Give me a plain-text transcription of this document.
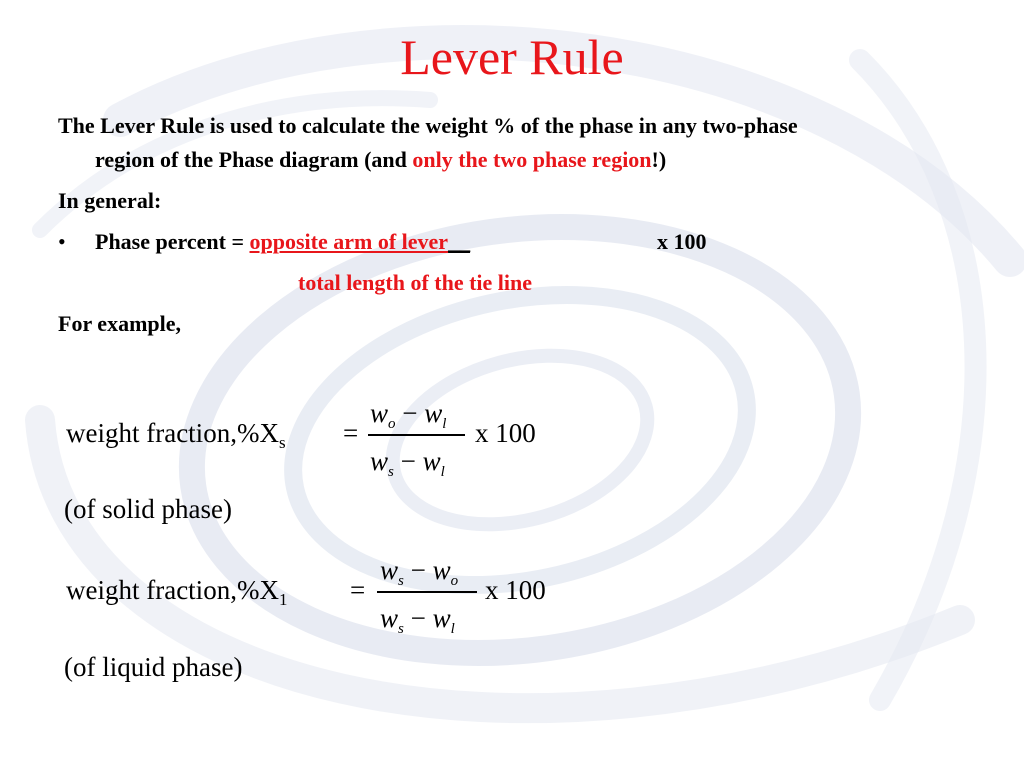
Lever Rule
The Lever Rule is used to calculate the weight % of the phase in any two-phase
region of the Phase diagram (and only the two phase region!)
In general:
• Phase percent = opposite arm of lever__	x 100
total length of the tie line
For example,
weight $fraction,\%X_s$ =
$w_o - w_l$
$w_s - w_l$
x 100
(of solid phase)
weight $fraction,\%X_1$ =
$w_s - w_o$
$w_s - w_l$
x 100
(of liquid phase)
